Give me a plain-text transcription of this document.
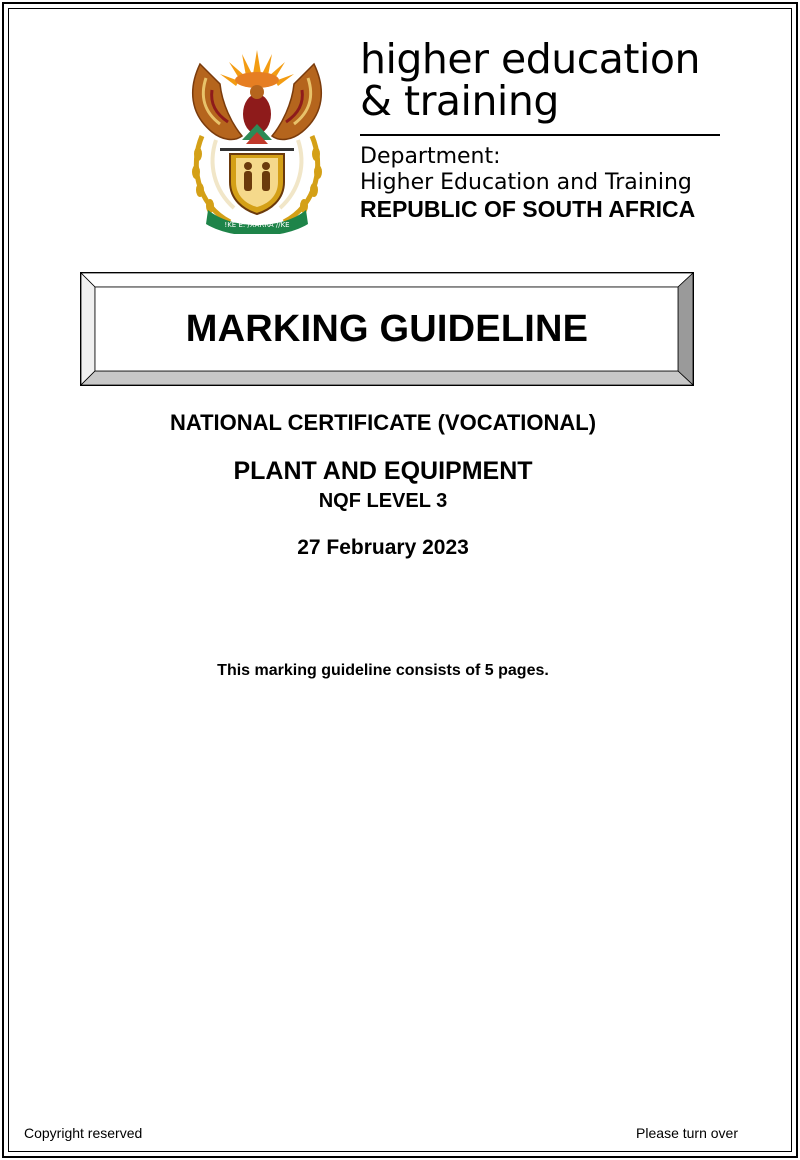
!KE E: /XARRA //KE
higher education
& training
Department:
Higher Education and Training
REPUBLIC OF SOUTH AFRICA
MARKING GUIDELINE
NATIONAL CERTIFICATE (VOCATIONAL)
PLANT AND EQUIPMENT
NQF LEVEL 3
27 February 2023
This marking guideline consists of 5 pages.
Copyright reserved	Please turn over
